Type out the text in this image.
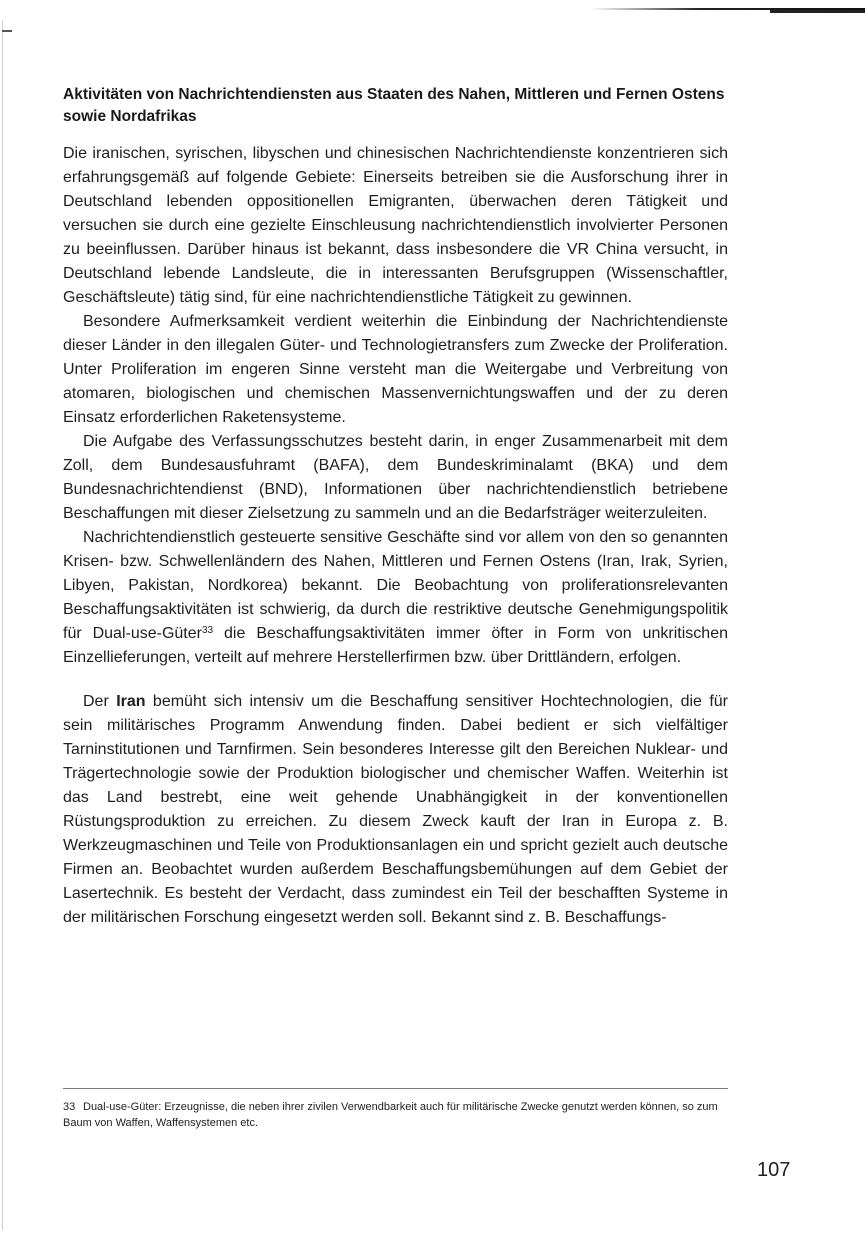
Aktivitäten von Nachrichtendiensten aus Staaten des Nahen, Mittleren und Fernen Ostens sowie Nordafrikas

Die iranischen, syrischen, libyschen und chinesischen Nachrichtendienste konzentrieren sich erfahrungsgemäß auf folgende Gebiete: Einerseits betreiben sie die Ausforschung ihrer in Deutschland lebenden oppositionellen Emigranten, überwachen deren Tätigkeit und versuchen sie durch eine gezielte Einschleusung nachrichtendienstlich involvierter Personen zu beeinflussen. Darüber hinaus ist bekannt, dass insbesondere die VR China versucht, in Deutschland lebende Landsleute, die in interessanten Berufsgruppen (Wissenschaftler, Geschäftsleute) tätig sind, für eine nachrichtendienstliche Tätigkeit zu gewinnen.

Besondere Aufmerksamkeit verdient weiterhin die Einbindung der Nachrichtendienste dieser Länder in den illegalen Güter- und Technologietransfers zum Zwecke der Proliferation. Unter Proliferation im engeren Sinne versteht man die Weitergabe und Verbreitung von atomaren, biologischen und chemischen Massenvernichtungswaffen und der zu deren Einsatz erforderlichen Raketensysteme.

Die Aufgabe des Verfassungsschutzes besteht darin, in enger Zusammenarbeit mit dem Zoll, dem Bundesausfuhramt (BAFA), dem Bundeskriminalamt (BKA) und dem Bundesnachrichtendienst (BND), Informationen über nachrichtendienstlich betriebene Beschaffungen mit dieser Zielsetzung zu sammeln und an die Bedarfsträger weiterzuleiten.

Nachrichtendienstlich gesteuerte sensitive Geschäfte sind vor allem von den so genannten Krisen- bzw. Schwellenländern des Nahen, Mittleren und Fernen Ostens (Iran, Irak, Syrien, Libyen, Pakistan, Nordkorea) bekannt. Die Beobachtung von proliferationsrelevanten Beschaffungsaktivitäten ist schwierig, da durch die restriktive deutsche Genehmigungspolitik für Dual-use-Güter$^{33}$ die Beschaffungsaktivitäten immer öfter in Form von unkritischen Einzellieferungen, verteilt auf mehrere Herstellerfirmen bzw. über Drittländern, erfolgen.

Der Iran bemüht sich intensiv um die Beschaffung sensitiver Hochtechnologien, die für sein militärisches Programm Anwendung finden. Dabei bedient er sich vielfältiger Tarninstitutionen und Tarnfirmen. Sein besonderes Interesse gilt den Bereichen Nuklear- und Trägertechnologie sowie der Produktion biologischer und chemischer Waffen. Weiterhin ist das Land bestrebt, eine weit gehende Unabhängigkeit in der konventionellen Rüstungsproduktion zu erreichen. Zu diesem Zweck kauft der Iran in Europa z. B. Werkzeugmaschinen und Teile von Produktionsanlagen ein und spricht gezielt auch deutsche Firmen an. Beobachtet wurden außerdem Beschaffungsbemühungen auf dem Gebiet der Lasertechnik. Es besteht der Verdacht, dass zumindest ein Teil der beschafften Systeme in der militärischen Forschung eingesetzt werden soll. Bekannt sind z. B. Beschaffungs-

33 Dual-use-Güter: Erzeugnisse, die neben ihrer zivilen Verwendbarkeit auch für militärische Zwecke genutzt werden können, so zum Baum von Waffen, Waffensystemen etc.

107
